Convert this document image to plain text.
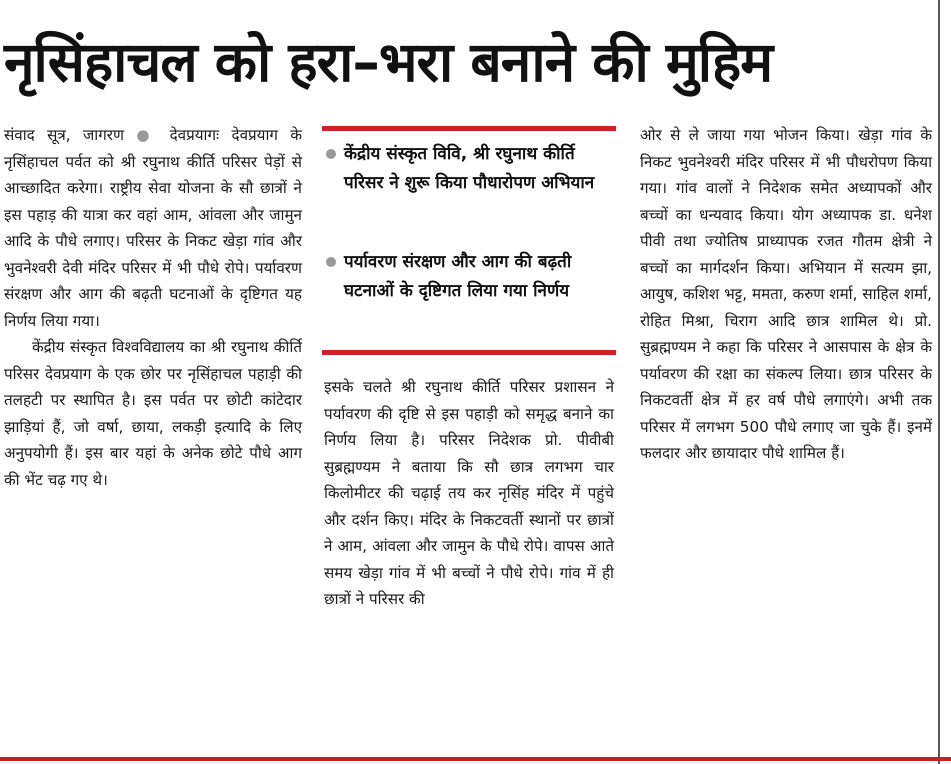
नृसिंहाचल को हरा–भरा बनाने की मुहिम

संवाद सूत्र, जागरण ● देवप्रयागः देवप्रयाग के नृसिंहाचल पर्वत को श्री रघुनाथ कीर्ति परिसर पेड़ों से आच्छादित करेगा। राष्ट्रीय सेवा योजना के सौ छात्रों ने इस पहाड़ की यात्रा कर वहां आम, आंवला और जामुन आदि के पौधे लगाए। परिसर के निकट खेड़ा गांव और भुवनेश्वरी देवी मंदिर परिसर में भी पौधे रोपे। पर्यावरण संरक्षण और आग की बढ़ती घटनाओं के दृष्टिगत यह निर्णय लिया गया।

केंद्रीय संस्कृत विश्वविद्यालय का श्री रघुनाथ कीर्ति परिसर देवप्रयाग के एक छोर पर नृसिंहाचल पहाड़ी की तलहटी पर स्थापित है। इस पर्वत पर छोटी कांटेदार झाड़ियां हैं, जो वर्षा, छाया, लकड़ी इत्यादि के लिए अनुपयोगी हैं। इस बार यहां के अनेक छोटे पौधे आग की भेंट चढ़ गए थे।

केंद्रीय संस्कृत विवि, श्री रघुनाथ कीर्ति परिसर ने शुरू किया पौधारोपण अभियान
पर्यावरण संरक्षण और आग की बढ़ती घटनाओं के दृष्टिगत लिया गया निर्णय

इसके चलते श्री रघुनाथ कीर्ति परिसर प्रशासन ने पर्यावरण की दृष्टि से इस पहाड़ी को समृद्ध बनाने का निर्णय लिया है। परिसर निदेशक प्रो. पीवीबी सुब्रह्मण्यम ने बताया कि सौ छात्र लगभग चार किलोमीटर की चढ़ाई तय कर नृसिंह मंदिर में पहुंचे और दर्शन किए। मंदिर के निकटवर्ती स्थानों पर छात्रों ने आम, आंवला और जामुन के पौधे रोपे। वापस आते समय खेड़ा गांव में भी बच्चों ने पौधे रोपे। गांव में ही छात्रों ने परिसर की

ओर से ले जाया गया भोजन किया। खेड़ा गांव के निकट भुवनेश्वरी मंदिर परिसर में भी पौधरोपण किया गया। गांव वालों ने निदेशक समेत अध्यापकों और बच्चों का धन्यवाद किया। योग अध्यापक डा. धनेश पीवी तथा ज्योतिष प्राध्यापक रजत गौतम क्षेत्री ने बच्चों का मार्गदर्शन किया। अभियान में सत्यम झा, आयुष, कशिश भट्ट, ममता, करुण शर्मा, साहिल शर्मा, रोहित मिश्रा, चिराग आदि छात्र शामिल थे। प्रो. सुब्रह्मण्यम ने कहा कि परिसर ने आसपास के क्षेत्र के पर्यावरण की रक्षा का संकल्प लिया। छात्र परिसर के निकटवर्ती क्षेत्र में हर वर्ष पौधे लगाएंगे। अभी तक परिसर में लगभग 500 पौधे लगाए जा चुके हैं। इनमें फलदार और छायादार पौधे शामिल हैं।
